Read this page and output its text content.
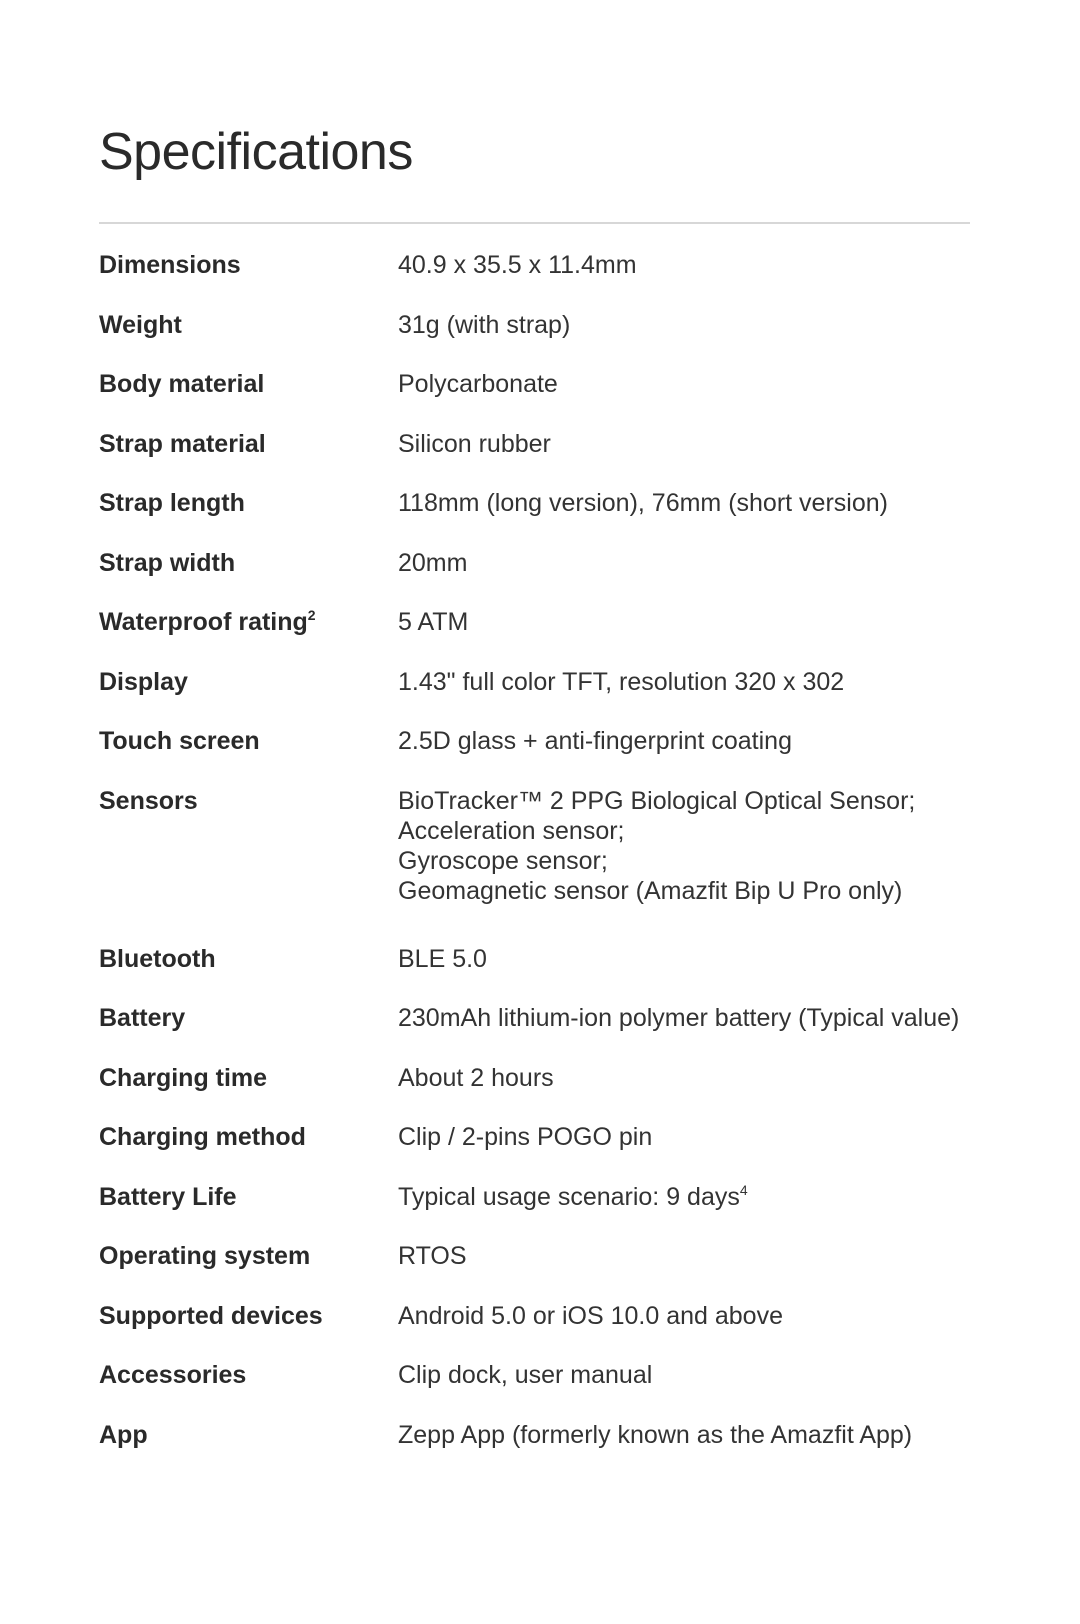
Specifications
Dimensions	40.9 x 35.5 x 11.4mm
Weight	31g (with strap)
Body material	Polycarbonate
Strap material	Silicon rubber
Strap length	118mm (long version), 76mm (short version)
Strap width	20mm
Waterproof rating$^2$	5 ATM
Display	1.43" full color TFT, resolution 320 x 302
Touch screen	2.5D glass + anti-fingerprint coating
Sensors	BioTracker™ 2 PPG Biological Optical Sensor;
Acceleration sensor;
Gyroscope sensor;
Geomagnetic sensor (Amazfit Bip U Pro only)
Bluetooth	BLE 5.0
Battery	230mAh lithium-ion polymer battery (Typical value)
Charging time	About 2 hours
Charging method	Clip / 2-pins POGO pin
Battery Life	Typical usage scenario: 9 days$^4$
Operating system	RTOS
Supported devices	Android 5.0 or iOS 10.0 and above
Accessories	Clip dock, user manual
App	Zepp App (formerly known as the Amazfit App)
